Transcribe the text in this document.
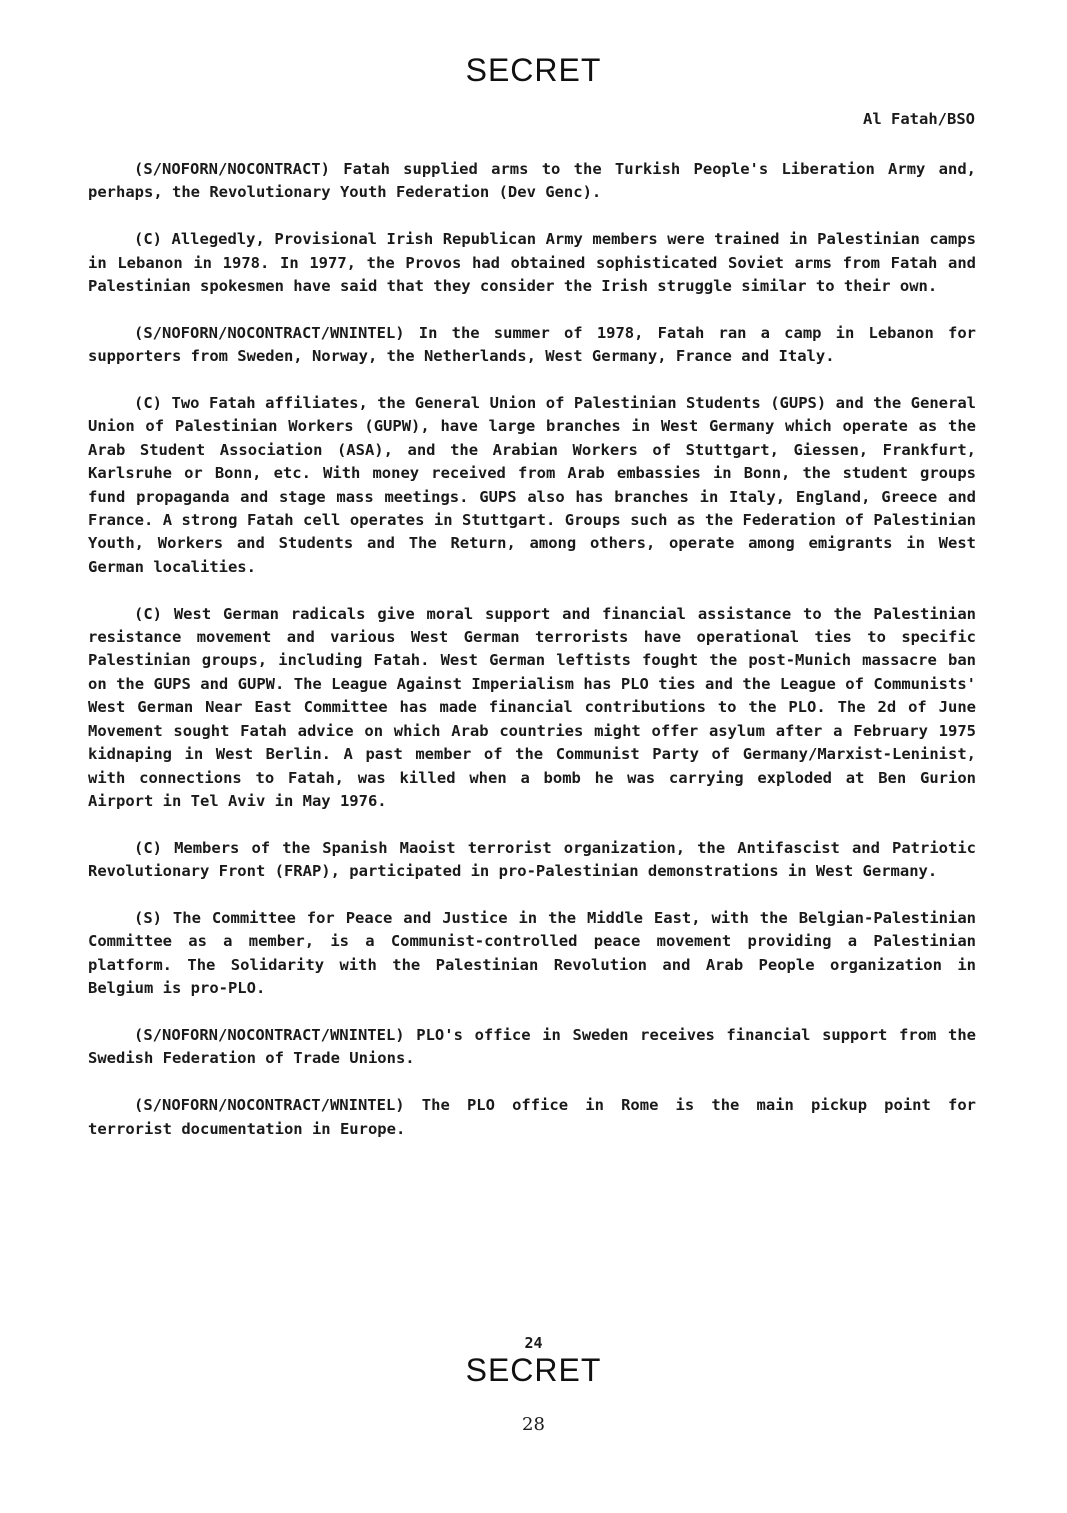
SECRET
Al Fatah/BSO

(S/NOFORN/NOCONTRACT) Fatah supplied arms to the Turkish People's Liberation Army and, perhaps, the Revolutionary Youth Federation (Dev Genc).

(C) Allegedly, Provisional Irish Republican Army members were trained in Palestinian camps in Lebanon in 1978. In 1977, the Provos had obtained sophisticated Soviet arms from Fatah and Palestinian spokesmen have said that they consider the Irish struggle similar to their own.

(S/NOFORN/NOCONTRACT/WNINTEL) In the summer of 1978, Fatah ran a camp in Lebanon for supporters from Sweden, Norway, the Netherlands, West Germany, France and Italy.

(C) Two Fatah affiliates, the General Union of Palestinian Students (GUPS) and the General Union of Palestinian Workers (GUPW), have large branches in West Germany which operate as the Arab Student Association (ASA), and the Arabian Workers of Stuttgart, Giessen, Frankfurt, Karlsruhe or Bonn, etc. With money received from Arab embassies in Bonn, the student groups fund propaganda and stage mass meetings. GUPS also has branches in Italy, England, Greece and France. A strong Fatah cell operates in Stuttgart. Groups such as the Federation of Palestinian Youth, Workers and Students and The Return, among others, operate among emigrants in West German localities.

(C) West German radicals give moral support and financial assistance to the Palestinian resistance movement and various West German terrorists have operational ties to specific Palestinian groups, including Fatah. West German leftists fought the post-Munich massacre ban on the GUPS and GUPW. The League Against Imperialism has PLO ties and the League of Communists' West German Near East Committee has made financial contributions to the PLO. The 2d of June Movement sought Fatah advice on which Arab countries might offer asylum after a February 1975 kidnaping in West Berlin. A past member of the Communist Party of Germany/Marxist-Leninist, with connections to Fatah, was killed when a bomb he was carrying exploded at Ben Gurion Airport in Tel Aviv in May 1976.

(C) Members of the Spanish Maoist terrorist organization, the Antifascist and Patriotic Revolutionary Front (FRAP), participated in pro-Palestinian demonstrations in West Germany.

(S) The Committee for Peace and Justice in the Middle East, with the Belgian-Palestinian Committee as a member, is a Communist-controlled peace movement providing a Palestinian platform. The Solidarity with the Palestinian Revolution and Arab People organization in Belgium is pro-PLO.

(S/NOFORN/NOCONTRACT/WNINTEL) PLO's office in Sweden receives financial support from the Swedish Federation of Trade Unions.

(S/NOFORN/NOCONTRACT/WNINTEL) The PLO office in Rome is the main pickup point for terrorist documentation in Europe.

24
SECRET
28
